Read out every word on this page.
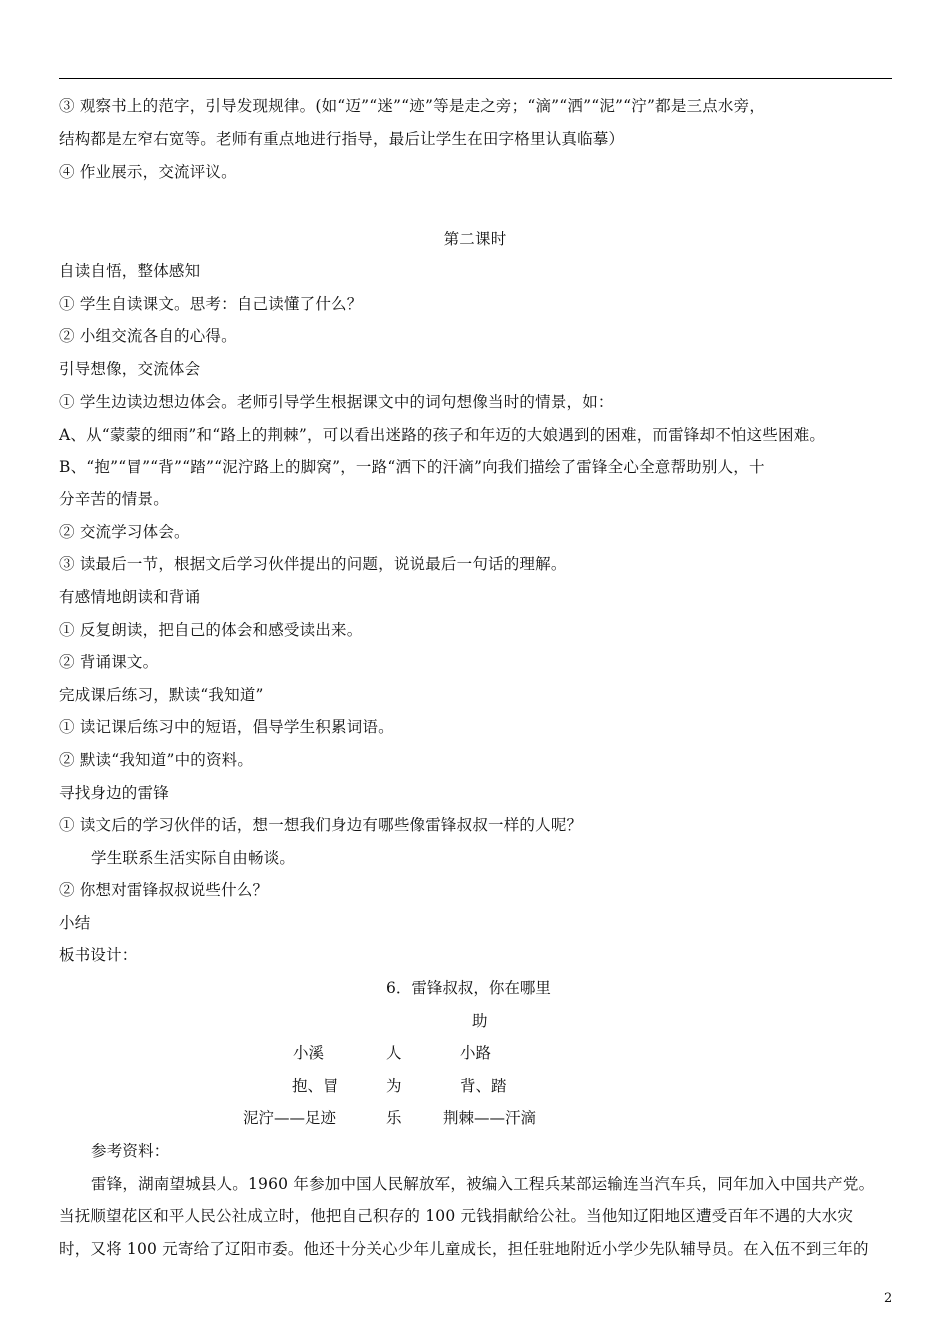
③ 观察书上的范字，引导发现规律。(如“迈”“迷”“迹”等是走之旁；“滴”“洒”“泥”“泞”都是三点水旁，
结构都是左窄右宽等。老师有重点地进行指导，最后让学生在田字格里认真临摹）
④ 作业展示，交流评议。
第二课时
自读自悟，整体感知
① 学生自读课文。思考：自己读懂了什么？
② 小组交流各自的心得。
引导想像，交流体会
① 学生边读边想边体会。老师引导学生根据课文中的词句想像当时的情景，如：
A、从“蒙蒙的细雨”和“路上的荆棘”，可以看出迷路的孩子和年迈的大娘遇到的困难，而雷锋却不怕这些困难。
B、“抱”“冒”“背”“踏”“泥泞路上的脚窝”，一路“洒下的汗滴”向我们描绘了雷锋全心全意帮助别人，十
分辛苦的情景。
② 交流学习体会。
③ 读最后一节，根据文后学习伙伴提出的问题，说说最后一句话的理解。
有感情地朗读和背诵
① 反复朗读，把自己的体会和感受读出来。
② 背诵课文。
完成课后练习，默读“我知道”
① 读记课后练习中的短语，倡导学生积累词语。
② 默读“我知道”中的资料。
寻找身边的雷锋
① 读文后的学习伙伴的话，想一想我们身边有哪些像雷锋叔叔一样的人呢？
学生联系生活实际自由畅谈。
② 你想对雷锋叔叔说些什么？
小结
板书设计：
6．雷锋叔叔，你在哪里
助
小溪	人	小路
抱、冒	为	背、踏
泥泞——足迹	乐	荆棘——汗滴
参考资料：
雷锋，湖南望城县人。1960 年参加中国人民解放军，被编入工程兵某部运输连当汽车兵，同年加入中国共产党。
当抚顺望花区和平人民公社成立时，他把自己积存的 100 元钱捐献给公社。当他知辽阳地区遭受百年不遇的大水灾
时，又将 100 元寄给了辽阳市委。他还十分关心少年儿童成长，担任驻地附近小学少先队辅导员。在入伍不到三年的
2
